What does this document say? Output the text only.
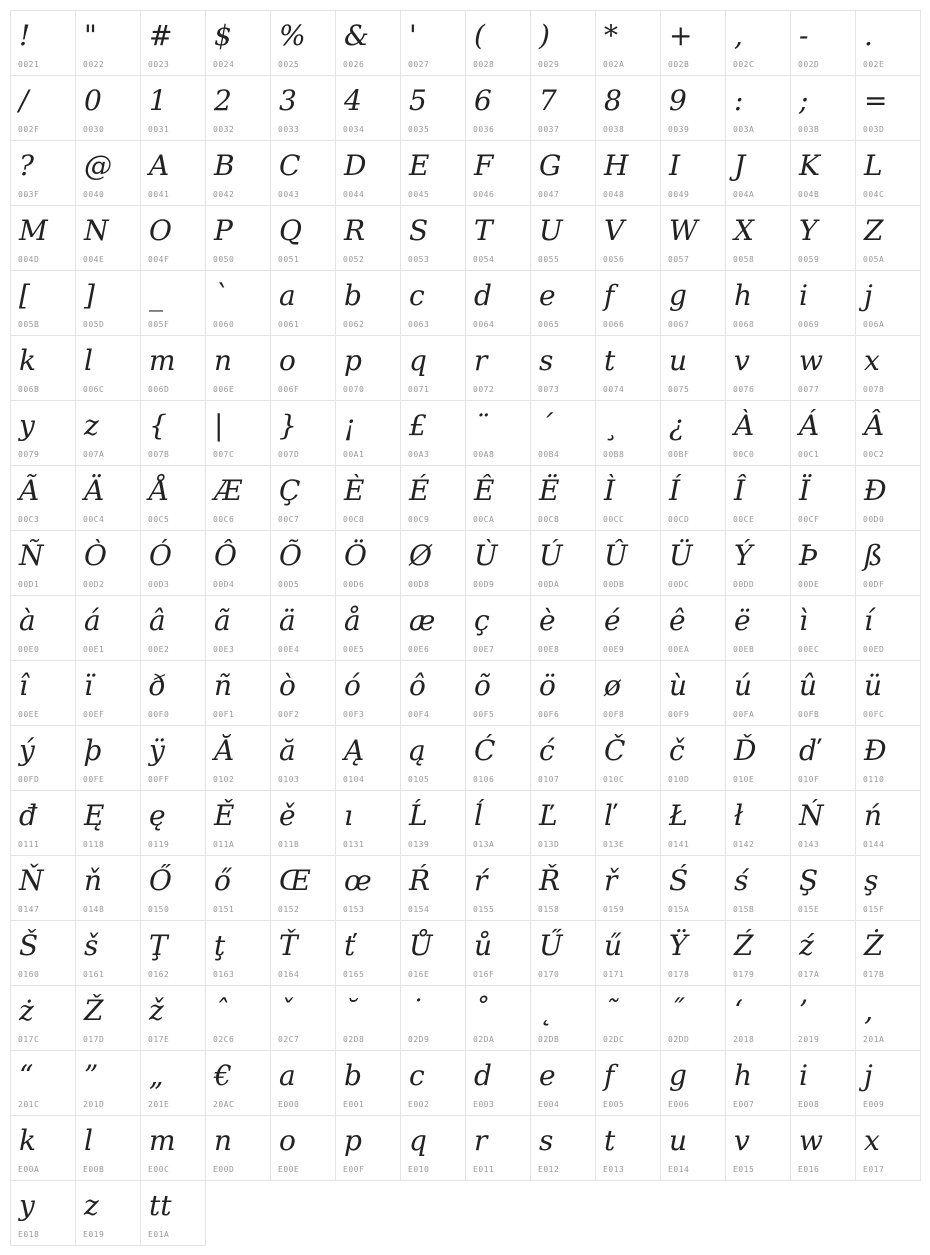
!
0021
"
0022
#
0023
$
0024
%
0025
&
0026
'
0027
(
0028
)
0029
*
002A
+
002B
,
002C
-
002D
.
002E
/
002F
0
0030
1
0031
2
0032
3
0033
4
0034
5
0035
6
0036
7
0037
8
0038
9
0039
:
003A
;
003B
=
003D
?
003F
@
0040
A
0041
B
0042
C
0043
D
0044
E
0045
F
0046
G
0047
H
0048
I
0049
J
004A
K
004B
L
004C
M
004D
N
004E
O
004F
P
0050
Q
0051
R
0052
S
0053
T
0054
U
0055
V
0056
W
0057
X
0058
Y
0059
Z
005A
[
005B
]
005D
_
005F
`
0060
a
0061
b
0062
c
0063
d
0064
e
0065
f
0066
g
0067
h
0068
i
0069
j
006A
k
006B
l
006C
m
006D
n
006E
o
006F
p
0070
q
0071
r
0072
s
0073
t
0074
u
0075
v
0076
w
0077
x
0078
y
0079
z
007A
{
007B
|
007C
}
007D
¡
00A1
£
00A3
¨
00A8
´
00B4
¸
00B8
¿
00BF
À
00C0
Á
00C1
Â
00C2
Ã
00C3
Ä
00C4
Å
00C5
Æ
00C6
Ç
00C7
È
00C8
É
00C9
Ê
00CA
Ë
00CB
Ì
00CC
Í
00CD
Î
00CE
Ï
00CF
Ð
00D0
Ñ
00D1
Ò
00D2
Ó
00D3
Ô
00D4
Õ
00D5
Ö
00D6
Ø
00D8
Ù
00D9
Ú
00DA
Û
00DB
Ü
00DC
Ý
00DD
Þ
00DE
ß
00DF
à
00E0
á
00E1
â
00E2
ã
00E3
ä
00E4
å
00E5
æ
00E6
ç
00E7
è
00E8
é
00E9
ê
00EA
ë
00EB
ì
00EC
í
00ED
î
00EE
ï
00EF
ð
00F0
ñ
00F1
ò
00F2
ó
00F3
ô
00F4
õ
00F5
ö
00F6
ø
00F8
ù
00F9
ú
00FA
û
00FB
ü
00FC
ý
00FD
þ
00FE
ÿ
00FF
Ă
0102
ă
0103
Ą
0104
ą
0105
Ć
0106
ć
0107
Č
010C
č
010D
Ď
010E
ď
010F
Đ
0110
đ
0111
Ę
0118
ę
0119
Ě
011A
ě
011B
ı
0131
Ĺ
0139
ĺ
013A
Ľ
013D
ľ
013E
Ł
0141
ł
0142
Ń
0143
ń
0144
Ň
0147
ň
0148
Ő
0150
ő
0151
Œ
0152
œ
0153
Ŕ
0154
ŕ
0155
Ř
0158
ř
0159
Ś
015A
ś
015B
Ş
015E
ş
015F
Š
0160
š
0161
Ţ
0162
ţ
0163
Ť
0164
ť
0165
Ů
016E
ů
016F
Ű
0170
ű
0171
Ÿ
0178
Ź
0179
ź
017A
Ż
017B
ż
017C
Ž
017D
ž
017E
ˆ
02C6
ˇ
02C7
˘
02D8
˙
02D9
˚
02DA
˛
02DB
˜
02DC
˝
02DD
‘
2018
’
2019
‚
201A
“
201C
”
201D
„
201E
€
20AC
a
E000
b
E001
c
E002
d
E003
e
E004
f
E005
g
E006
h
E007
i
E008
j
E009
k
E00A
l
E00B
m
E00C
n
E00D
o
E00E
p
E00F
q
E010
r
E011
s
E012
t
E013
u
E014
v
E015
w
E016
x
E017
y
E018
z
E019
tt
E01A
